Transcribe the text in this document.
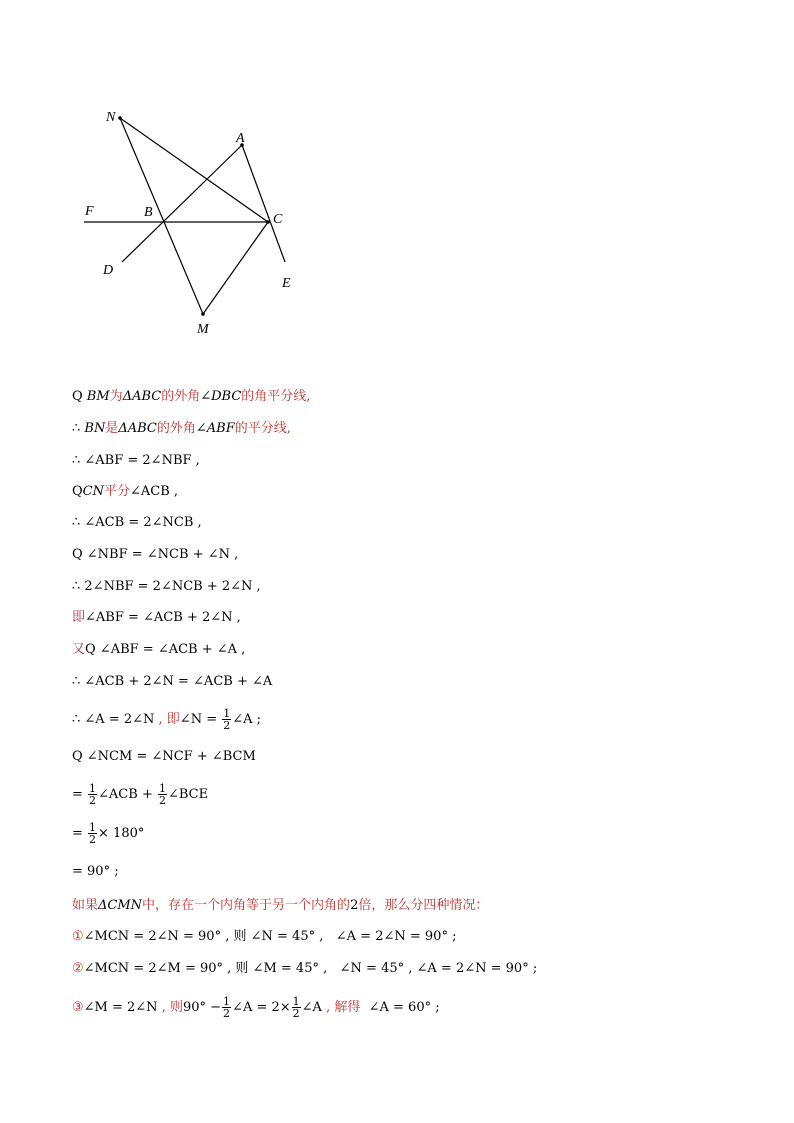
N
A
F	B	C
D
E
M
Q BM为ΔABC的外角∠DBC的角平分线,
∴ BN是ΔABC的外角∠ABF的平分线,
∴ ∠ABF = 2∠NBF ,
QCN平分∠ACB ,
∴ ∠ACB = 2∠NCB ,
Q ∠NBF = ∠NCB + ∠N ,
∴ 2∠NBF = 2∠NCB + 2∠N ,
即∠ABF = ∠ACB + 2∠N ,
又Q ∠ABF = ∠ACB + ∠A ,
∴ ∠ACB + 2∠N = ∠ACB + ∠A
∴ ∠A = 2∠N , 即∠N = $\frac{1}{2}$ ∠A ;
Q ∠NCM = ∠NCF + ∠BCM
= $\frac{1}{2}$ ∠ACB + $\frac{1}{2}$ ∠BCE
= $\frac{1}{2} \times 180^\circ$
= 90° ;
如果ΔCMN中，存在一个内角等于另一个内角的2倍，那么分四种情况：
①∠MCN = 2∠N = 90° , 则 ∠N = 45° , ∠A = 2∠N = 90° ;
②∠MCN = 2∠M = 90° , 则 ∠M = 45° , ∠N = 45° , ∠A = 2∠N = 90° ;
③∠M = 2∠N , 则$90^\circ - \frac{1}{2}$ ∠A = $2\times \frac{1}{2}$ ∠A , 解得 ∠A = 60° ;
